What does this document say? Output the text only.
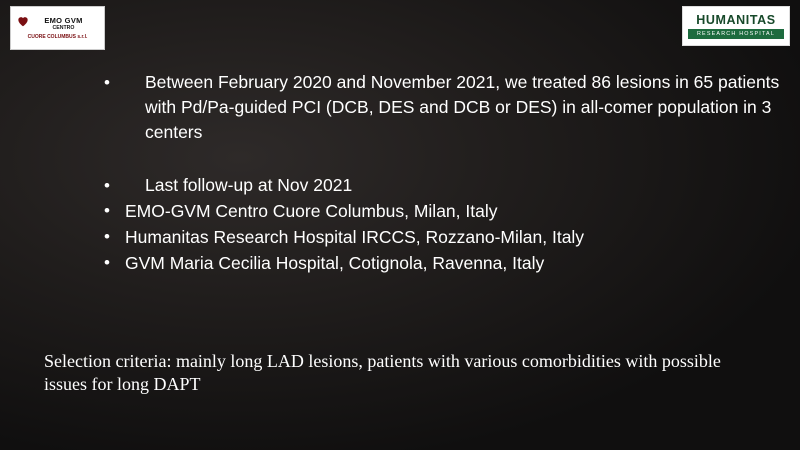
EMO GVM
CENTRO
CUORE COLUMBUS s.r.l.
HUMANITAS
RESEARCH HOSPITAL
• Between February 2020 and November 2021, we treated 86 lesions in 65 patients with Pd/Pa-guided PCI (DCB, DES and DCB or DES) in all-comer population in 3 centers
• Last follow-up at Nov 2021
• EMO-GVM Centro Cuore Columbus, Milan, Italy
• Humanitas Research Hospital IRCCS, Rozzano-Milan, Italy
• GVM Maria Cecilia Hospital, Cotignola, Ravenna, Italy
Selection criteria: mainly long LAD lesions, patients with various comorbidities with possible issues for long DAPT
